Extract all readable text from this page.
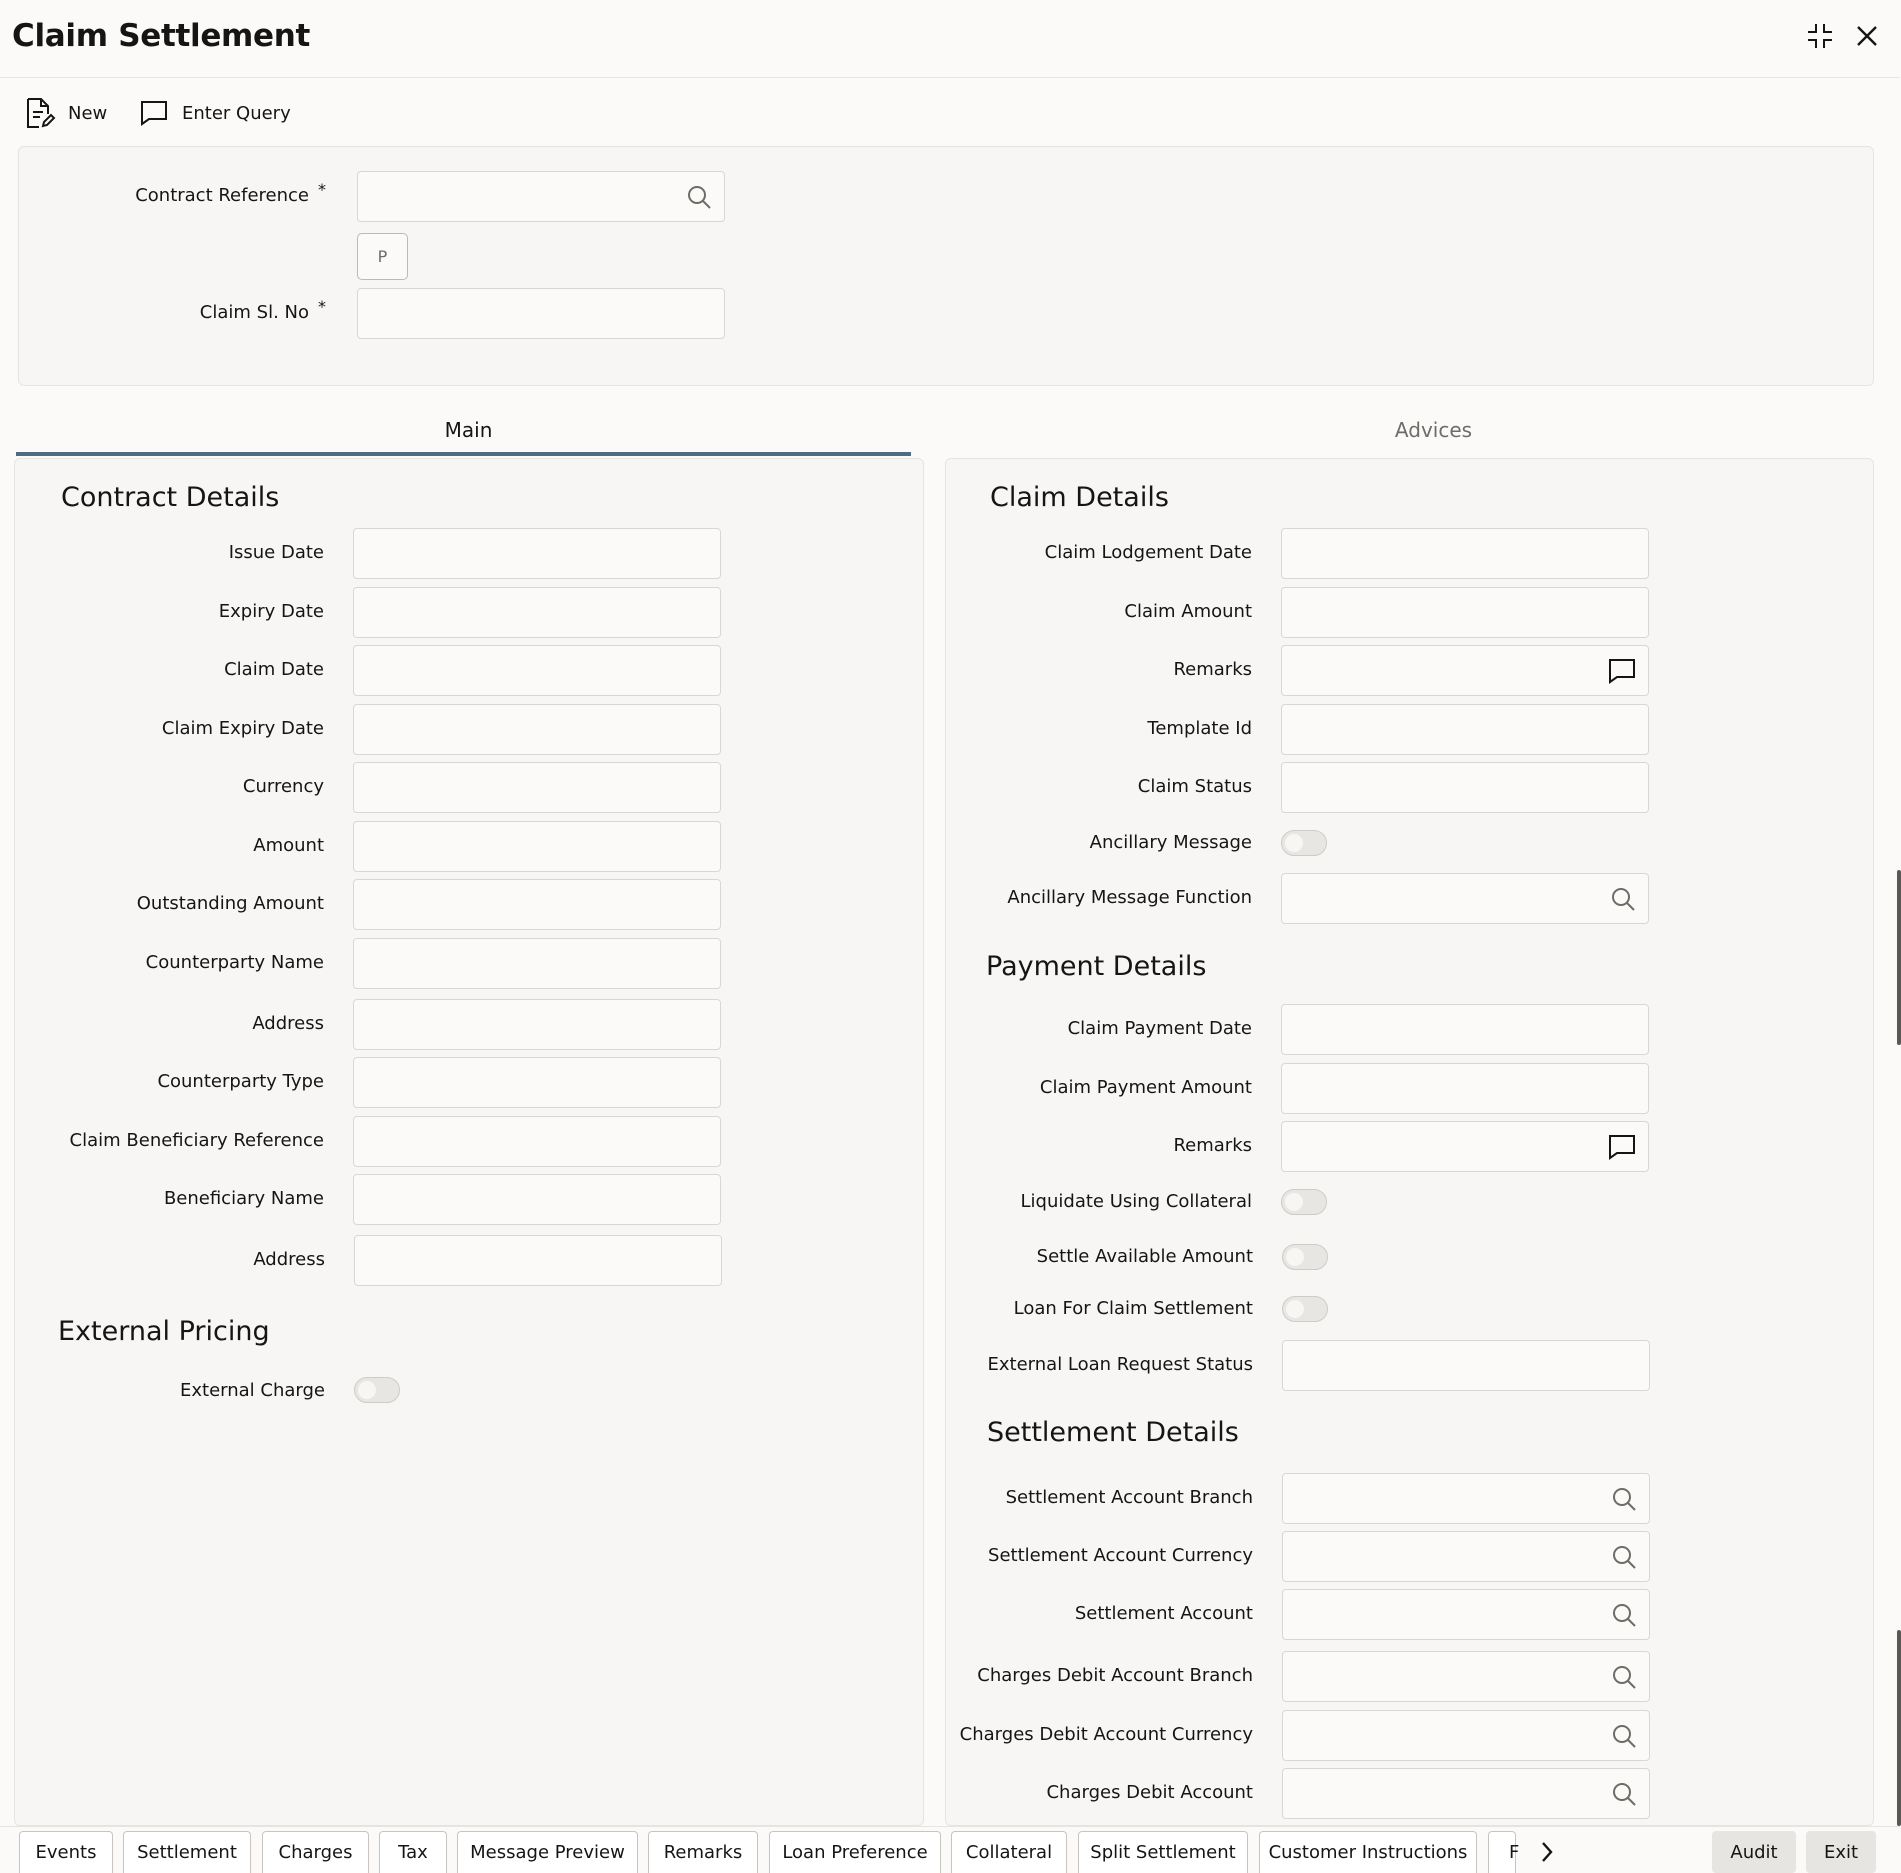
Claim Settlement
New	Enter Query
Contract Reference *
P
Claim Sl. No *
Main	Advices
Contract Details
Issue Date
Expiry Date
Claim Date
Claim Expiry Date
Currency
Amount
Outstanding Amount
Counterparty Name
Address
Counterparty Type
Claim Beneficiary Reference
Beneficiary Name
Address
External Pricing
External Charge
Claim Details
Claim Lodgement Date
Claim Amount
Remarks
Template Id
Claim Status
Ancillary Message
Ancillary Message Function
Payment Details
Claim Payment Date
Claim Payment Amount
Remarks
Liquidate Using Collateral
Settle Available Amount
Loan For Claim Settlement
External Loan Request Status
Settlement Details
Settlement Account Branch
Settlement Account Currency
Settlement Account
Charges Debit Account Branch
Charges Debit Account Currency
Charges Debit Account
Events	Settlement	Charges	Tax	Message Preview	Remarks	Loan Preference	Collateral	Split Settlement	Customer Instructions	F	Audit	Exit
